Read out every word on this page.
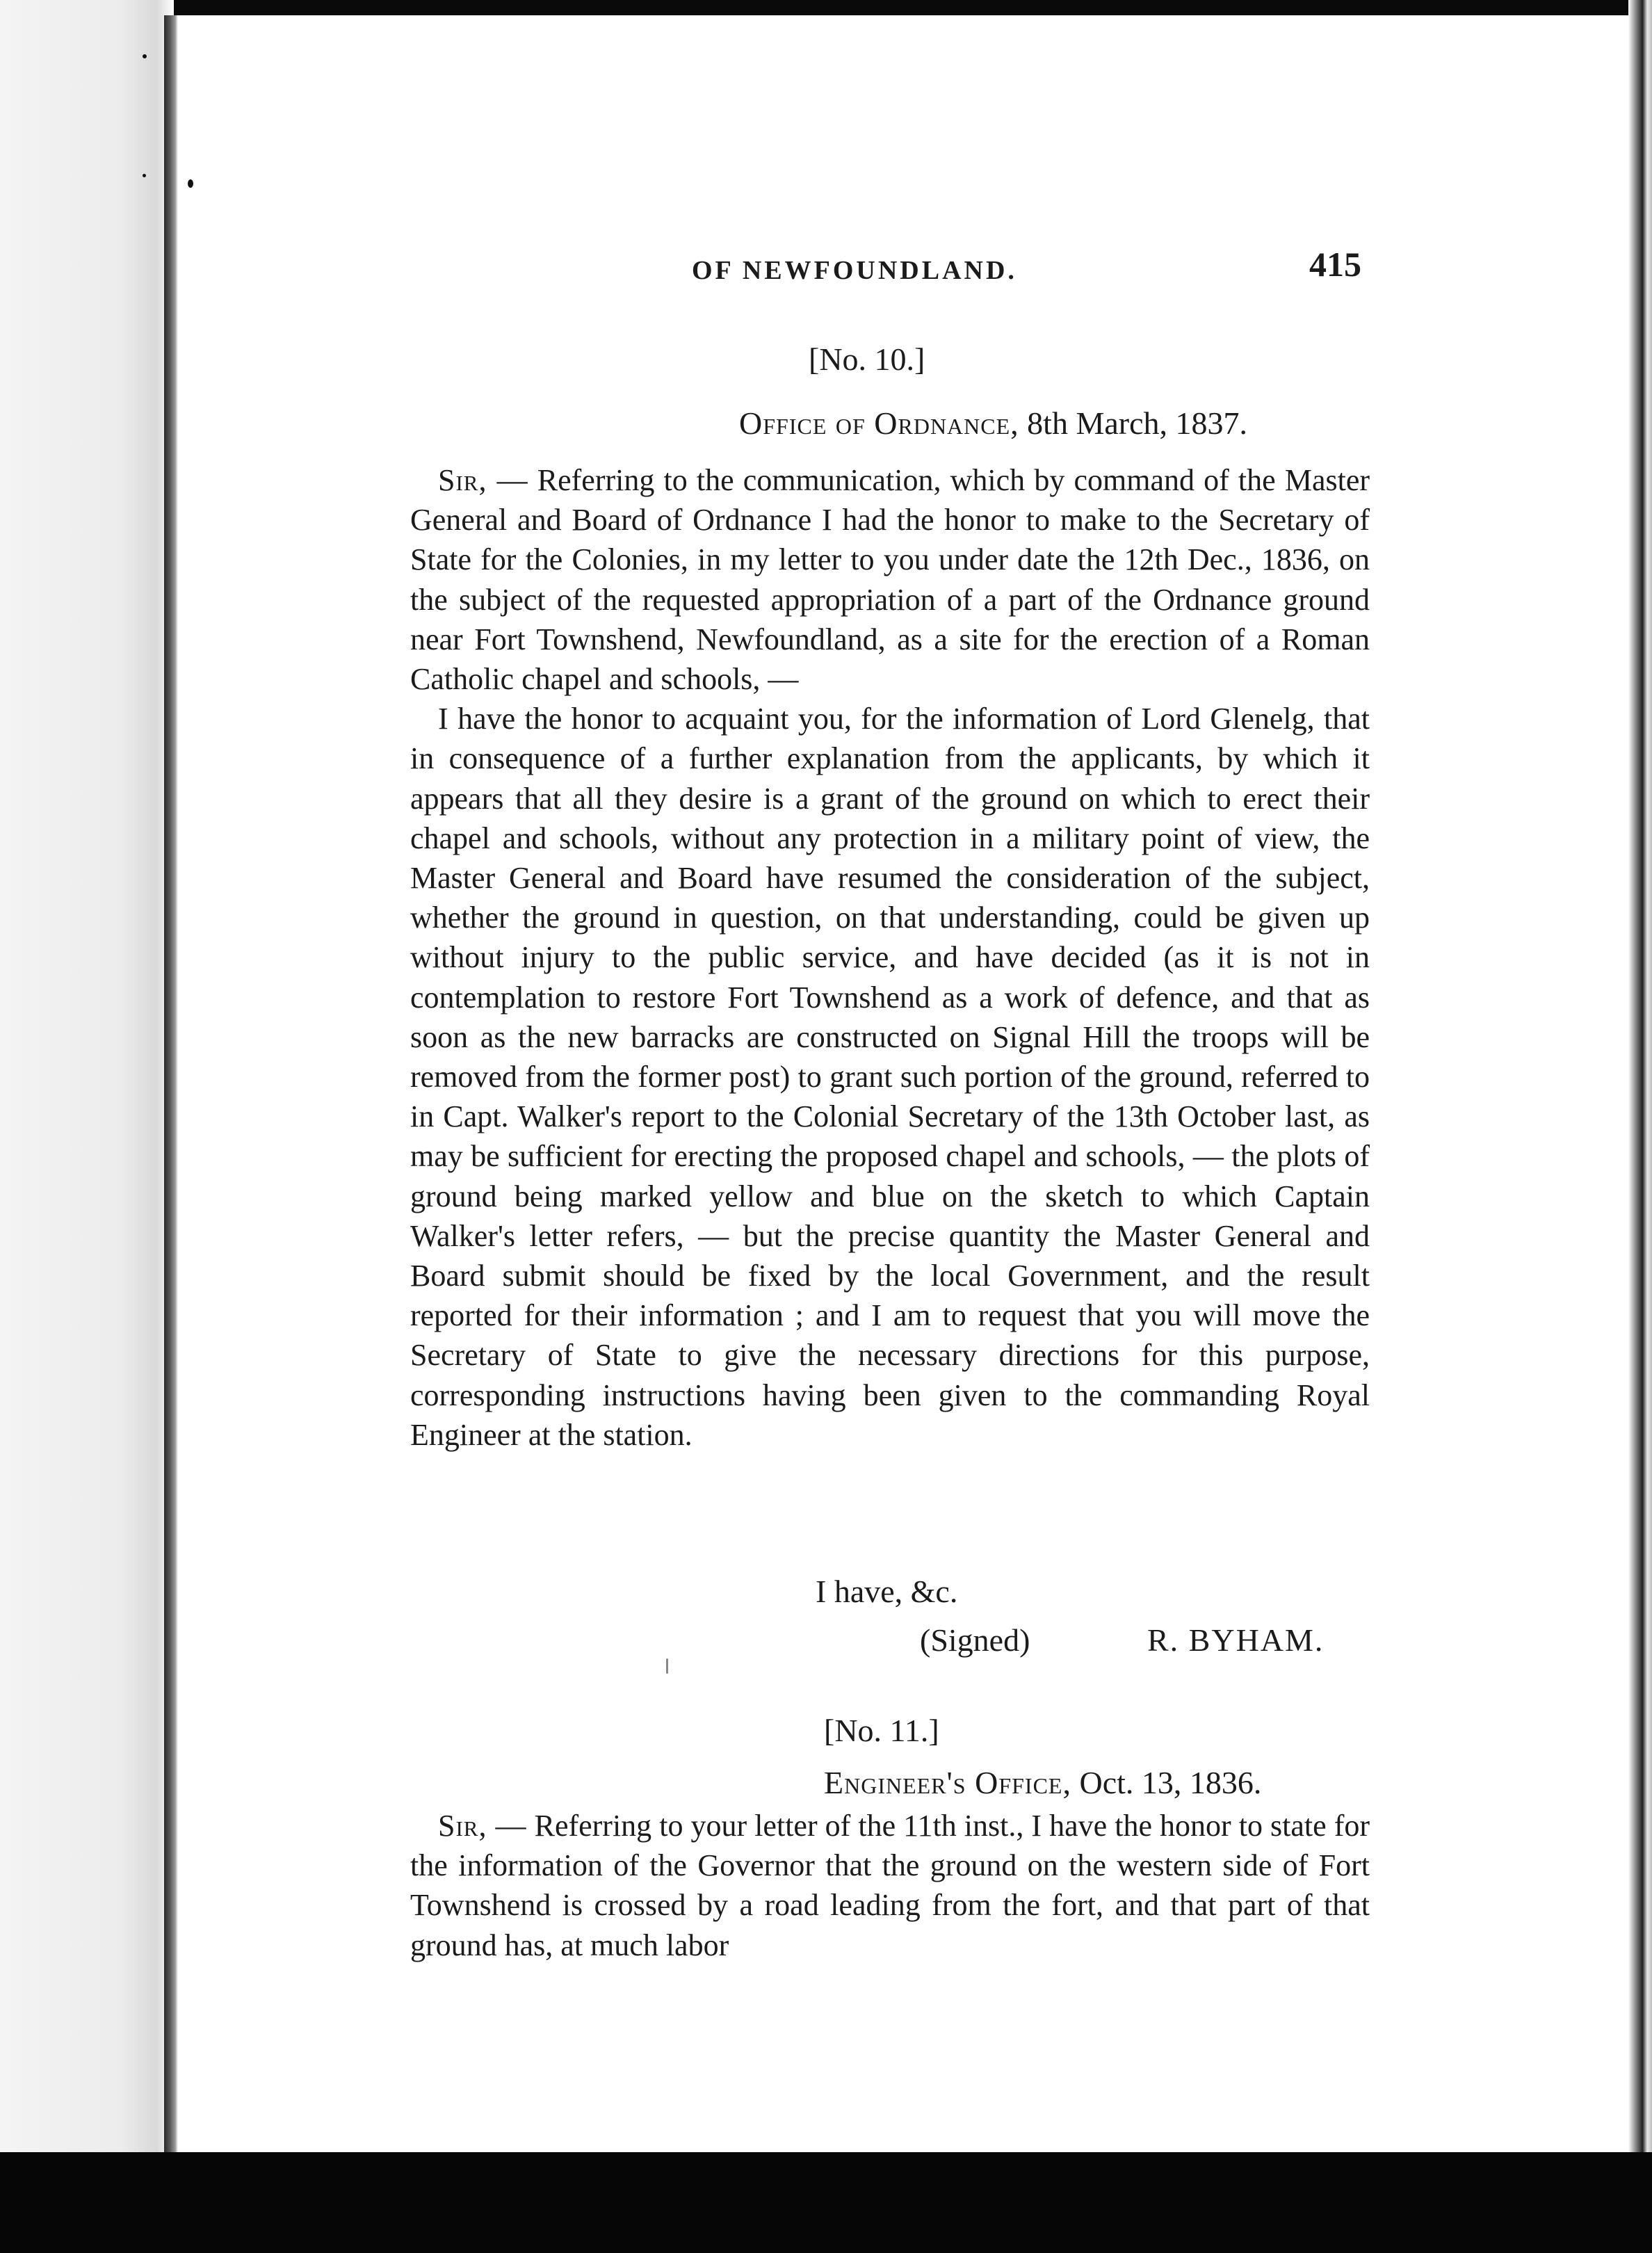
OF NEWFOUNDLAND.	415
[No. 10.]
Office of Ordnance, 8th March, 1837.

Sir, — Referring to the communication, which by command of the Master General and Board of Ordnance I had the honor to make to the Secretary of State for the Colonies, in my letter to you under date the 12th Dec., 1836, on the subject of the requested appropriation of a part of the Ordnance ground near Fort Townshend, Newfoundland, as a site for the erection of a Roman Catholic chapel and schools, —

I have the honor to acquaint you, for the information of Lord Glenelg, that in consequence of a further explanation from the applicants, by which it appears that all they desire is a grant of the ground on which to erect their chapel and schools, without any protection in a military point of view, the Master General and Board have resumed the consideration of the subject, whether the ground in question, on that understanding, could be given up without injury to the public service, and have decided (as it is not in contemplation to restore Fort Townshend as a work of defence, and that as soon as the new barracks are constructed on Signal Hill the troops will be removed from the former post) to grant such portion of the ground, referred to in Capt. Walker's report to the Colonial Secretary of the 13th October last, as may be sufficient for erecting the proposed chapel and schools, — the plots of ground being marked yellow and blue on the sketch to which Captain Walker's letter refers, — but the precise quantity the Master General and Board submit should be fixed by the local Government, and the result reported for their information ; and I am to request that you will move the Secretary of State to give the necessary directions for this purpose, corresponding instructions having been given to the commanding Royal Engineer at the station.

I have, &c.
(Signed)	R. BYHAM.
[No. 11.]
Engineer's Office, Oct. 13, 1836.

Sir, — Referring to your letter of the 11th inst., I have the honor to state for the information of the Governor that the ground on the western side of Fort Townshend is crossed by a road leading from the fort, and that part of that ground has, at much labor
